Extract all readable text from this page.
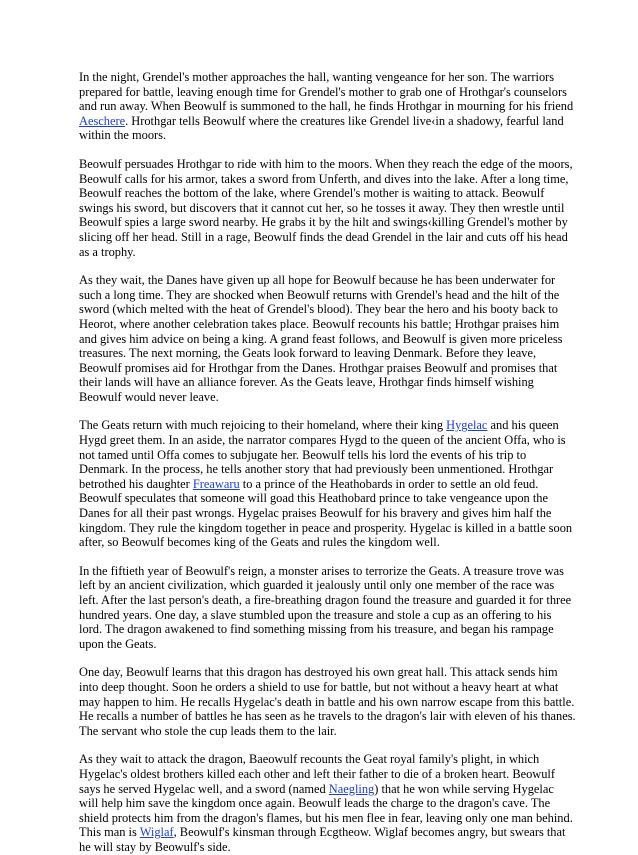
In the night, Grendel's mother approaches the hall, wanting vengeance for her son. The warriors prepared for battle, leaving enough time for Grendel's mother to grab one of Hrothgar's counselors and run away. When Beowulf is summoned to the hall, he finds Hrothgar in mourning for his friend Aeschere. Hrothgar tells Beowulf where the creatures like Grendel live‹in a shadowy, fearful land within the moors.

Beowulf persuades Hrothgar to ride with him to the moors. When they reach the edge of the moors, Beowulf calls for his armor, takes a sword from Unferth, and dives into the lake. After a long time, Beowulf reaches the bottom of the lake, where Grendel's mother is waiting to attack. Beowulf swings his sword, but discovers that it cannot cut her, so he tosses it away. They then wrestle until Beowulf spies a large sword nearby. He grabs it by the hilt and swings‹killing Grendel's mother by slicing off her head. Still in a rage, Beowulf finds the dead Grendel in the lair and cuts off his head as a trophy.

As they wait, the Danes have given up all hope for Beowulf because he has been underwater for such a long time. They are shocked when Beowulf returns with Grendel's head and the hilt of the sword (which melted with the heat of Grendel's blood). They bear the hero and his booty back to Heorot, where another celebration takes place. Beowulf recounts his battle; Hrothgar praises him and gives him advice on being a king. A grand feast follows, and Beowulf is given more priceless treasures. The next morning, the Geats look forward to leaving Denmark. Before they leave, Beowulf promises aid for Hrothgar from the Danes. Hrothgar praises Beowulf and promises that their lands will have an alliance forever. As the Geats leave, Hrothgar finds himself wishing Beowulf would never leave.

The Geats return with much rejoicing to their homeland, where their king Hygelac and his queen Hygd greet them. In an aside, the narrator compares Hygd to the queen of the ancient Offa, who is not tamed until Offa comes to subjugate her. Beowulf tells his lord the events of his trip to Denmark. In the process, he tells another story that had previously been unmentioned. Hrothgar betrothed his daughter Freawaru to a prince of the Heathobards in order to settle an old feud. Beowulf speculates that someone will goad this Heathobard prince to take vengeance upon the Danes for all their past wrongs. Hygelac praises Beowulf for his bravery and gives him half the kingdom. They rule the kingdom together in peace and prosperity. Hygelac is killed in a battle soon after, so Beowulf becomes king of the Geats and rules the kingdom well.

In the fiftieth year of Beowulf's reign, a monster arises to terrorize the Geats. A treasure trove was left by an ancient civilization, which guarded it jealously until only one member of the race was left. After the last person's death, a fire-breathing dragon found the treasure and guarded it for three hundred years. One day, a slave stumbled upon the treasure and stole a cup as an offering to his lord. The dragon awakened to find something missing from his treasure, and began his rampage upon the Geats.

One day, Beowulf learns that this dragon has destroyed his own great hall. This attack sends him into deep thought. Soon he orders a shield to use for battle, but not without a heavy heart at what may happen to him. He recalls Hygelac's death in battle and his own narrow escape from this battle. He recalls a number of battles he has seen as he travels to the dragon's lair with eleven of his thanes. The servant who stole the cup leads them to the lair.

As they wait to attack the dragon, Baeowulf recounts the Geat royal family's plight, in which Hygelac's oldest brothers killed each other and left their father to die of a broken heart. Beowulf says he served Hygelac well, and a sword (named Naegling) that he won while serving Hygelac will help him save the kingdom once again. Beowulf leads the charge to the dragon's cave. The shield protects him from the dragon's flames, but his men flee in fear, leaving only one man behind. This man is Wiglaf, Beowulf's kinsman through Ecgtheow. Wiglaf becomes angry, but swears that he will stay by Beowulf's side.
